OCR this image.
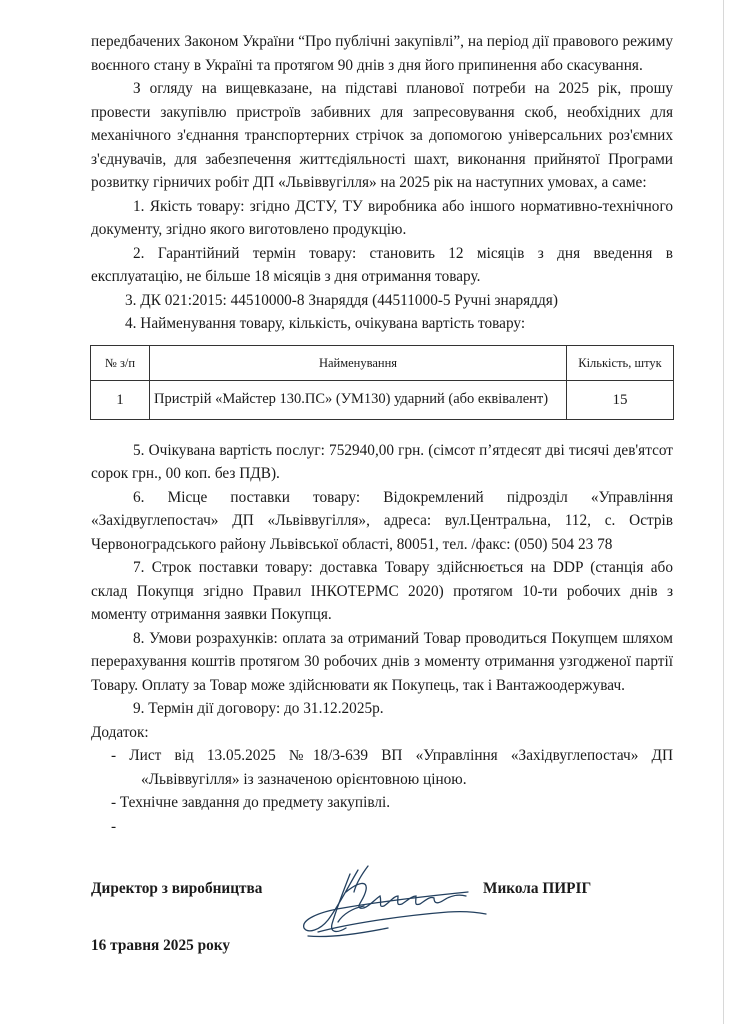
передбачених Законом України “Про публічні закупівлі”, на період дії правового режиму воєнного стану в Україні та протягом 90 днів з дня його припинення або скасування.

З огляду на вищевказане, на підставі планової потреби на 2025 рік, прошу провести закупівлю пристроїв забивних для запресовування скоб, необхідних для механічного з'єднання транспортерних стрічок за допомогою універсальних роз'ємних з'єднувачів, для забезпечення життєдіяльності шахт, виконання прийнятої Програми розвитку гірничих робіт ДП «Львіввугілля» на 2025 рік на наступних умовах, а саме:

1. Якість товару: згідно ДСТУ, ТУ виробника або іншого нормативно-технічного документу, згідно якого виготовлено продукцію.

2. Гарантійний термін товару: становить 12 місяців з дня введення в експлуатацію, не більше 18 місяців з дня отримання товару.

3. ДК 021:2015: 44510000-8 Знаряддя (44511000-5 Ручні знаряддя)

4. Найменування товару, кількість, очікувана вартість товару:

№ з/п	Найменування	Кількість, штук
1	Пристрій «Майстер 130.ПС» (УМ130) ударний (або еквівалент)	15

5. Очікувана вартість послуг: 752940,00 грн. (сімсот п’ятдесят дві тисячі дев'ятсот сорок грн., 00 коп. без ПДВ).

6. Місце поставки товару: Відокремлений підрозділ «Управління «Західвуглепостач» ДП «Львіввугілля», адреса: вул.Центральна, 112, с. Острів Червоноградського району Львівської області, 80051, тел. /факс: (050) 504 23 78

7. Строк поставки товару: доставка Товару здійснюється на DDP (станція або склад Покупця згідно Правил ІНКОТЕРМС 2020) протягом 10-ти робочих днів з моменту отримання заявки Покупця.

8. Умови розрахунків: оплата за отриманий Товар проводиться Покупцем шляхом перерахування коштів протягом 30 робочих днів з моменту отримання узгодженої партії Товару. Оплату за Товар може здійснювати як Покупець, так і Вантажоодержувач.

9. Термін дії договору: до 31.12.2025р.

Додаток:

- Лист від 13.05.2025 №18/3-639 ВП «Управління «Західвуглепостач» ДП «Львіввугілля» із зазначеною орієнтовною ціною.

- Технічне завдання до предмету закупівлі.

-

Директор з виробництва	Микола ПИРІГ
16 травня 2025 року
